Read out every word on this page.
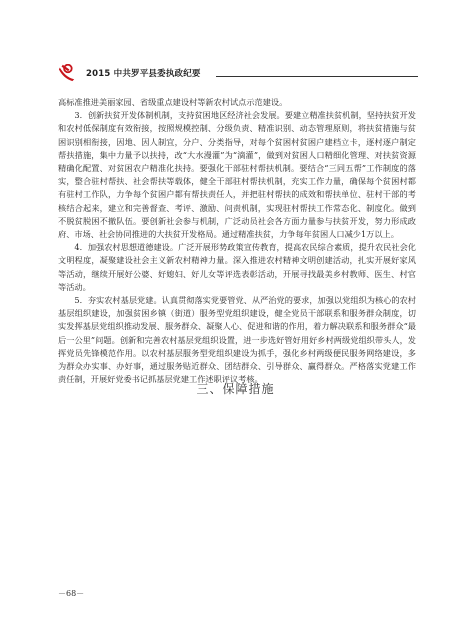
2015 中共罗平县委执政纪要

高标准推进美丽家园、省级重点建设村等新农村试点示范建设。

3．创新扶贫开发体制机制，支持贫困地区经济社会发展。要建立精准扶贫机制，坚持扶贫开发和农村低保制度有效衔接，按照规模控制、分级负责、精准识别、动态管理原则，将扶贫措施与贫困识别相衔接，因地、因人制宜，分户、分类指导，对每个贫困村贫困户建档立卡，逐村逐户制定帮扶措施，集中力量予以扶持，改“大水漫灌”为“滴灌”，做到对贫困人口精细化管理、对扶贫资源精确化配置、对贫困农户精准化扶持。要强化干部驻村帮扶机制。要结合“三同五帮”工作制度的落实，整合驻村帮扶、社会帮扶等载体，健全干部驻村帮扶机制，充实工作力量，确保每个贫困村都有驻村工作队，力争每个贫困户都有帮扶责任人，并把驻村帮扶的成效和帮扶单位、驻村干部的考核结合起来，建立和完善督查、考评、激励、问责机制，实现驻村帮扶工作常态化、制度化。做到不脱贫脱困不撤队伍。要创新社会参与机制，广泛动员社会各方面力量参与扶贫开发，努力形成政府、市场、社会协同推进的大扶贫开发格局。通过精准扶贫，力争每年贫困人口减少1万以上。

4．加强农村思想道德建设。广泛开展形势政策宣传教育，提高农民综合素质，提升农民社会化文明程度，凝聚建设社会主义新农村精神力量。深入推进农村精神文明创建活动，扎实开展好家风等活动，继续开展好公婆、好媳妇、好儿女等评选表彰活动，开展寻找最美乡村教师、医生、村官等活动。

5．夯实农村基层党建。认真贯彻落实党要管党、从严治党的要求，加强以党组织为核心的农村基层组织建设，加强贫困乡镇（街道）服务型党组织建设，健全党员干部联系和服务群众制度，切实发挥基层党组织推动发展、服务群众、凝聚人心、促进和谐的作用，着力解决联系和服务群众“最后一公里”问题。创新和完善农村基层党组织设置，进一步选好管好用好乡村两级党组织带头人，发挥党员先锋模范作用。以农村基层服务型党组织建设为抓手，强化乡村两级便民服务网络建设，多为群众办实事、办好事，通过服务贴近群众、团结群众、引导群众、赢得群众。严格落实党建工作责任制，开展好党委书记抓基层党建工作述职评议考核。

三、保障措施
－68－
